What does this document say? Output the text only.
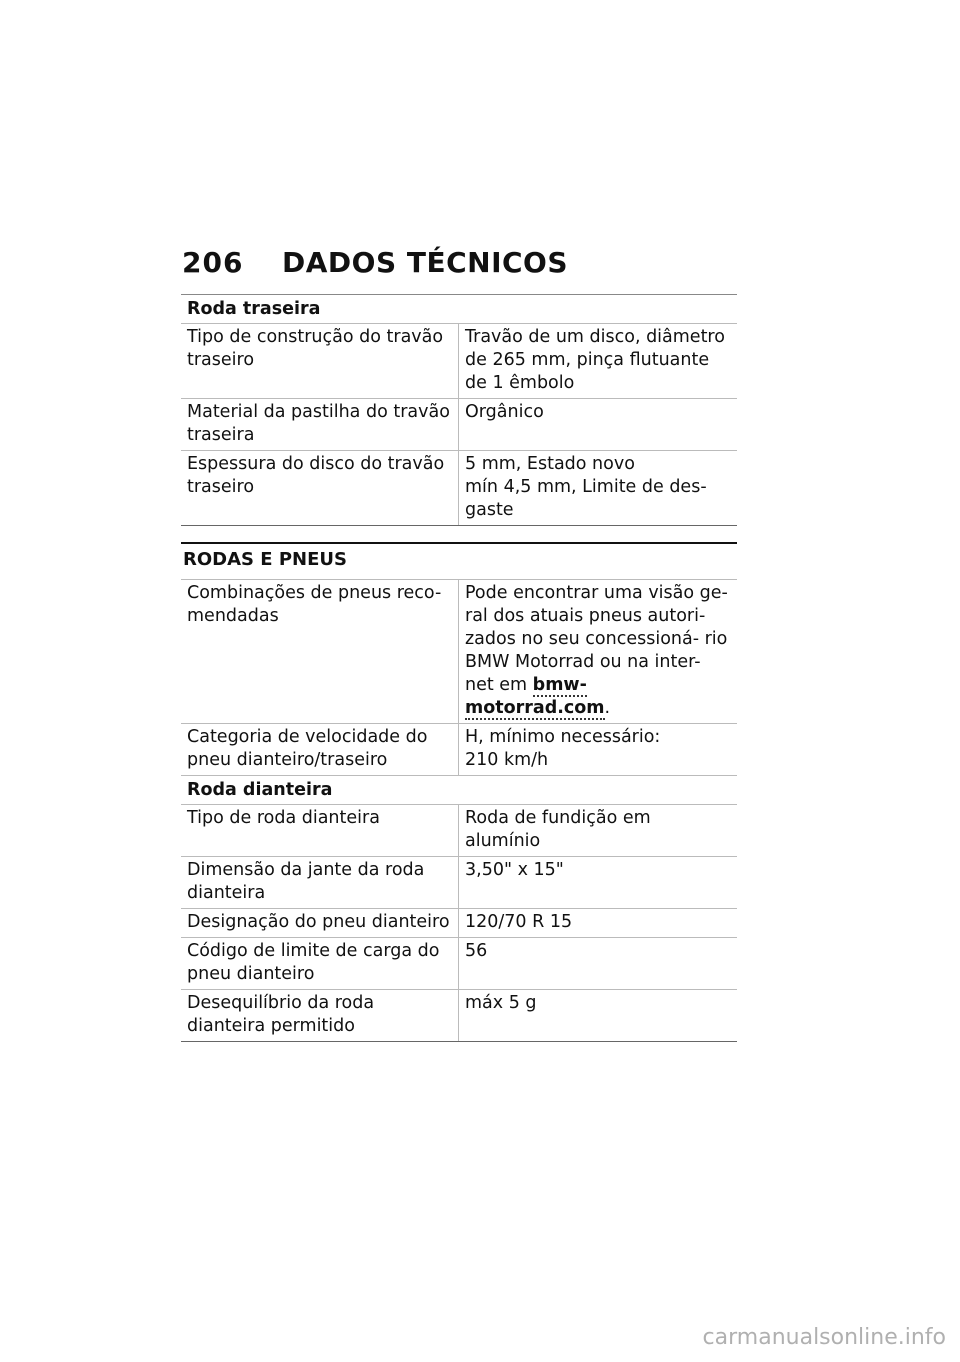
206	DADOS TÉCNICOS
Roda traseira
Tipo de construção do travão traseiro
Travão de um disco, diâmetro de 265 mm, pinça flutuante de 1 êmbolo
Material da pastilha do travão traseira
Orgânico
Espessura do disco do travão traseiro
5 mm, Estado novo
mín 4,5 mm, Limite de des- gaste
RODAS E PNEUS
Combinações de pneus reco- mendadas
Pode encontrar uma visão ge- ral dos atuais pneus autori- zados no seu concessioná- rio BMW Motorrad ou na inter- net em bmw-motorrad.com.
Categoria de velocidade do pneu dianteiro/traseiro
H, mínimo necessário:
210 km/h
Roda dianteira
Tipo de roda dianteira	Roda de fundição em alumínio
Dimensão da jante da roda dianteira
3,50" x 15"
Designação do pneu dianteiro 120/70 R 15
Código de limite de carga do pneu dianteiro
56
Desequilíbrio da roda dianteira permitido
máx 5 g
carmanualsonline.info
